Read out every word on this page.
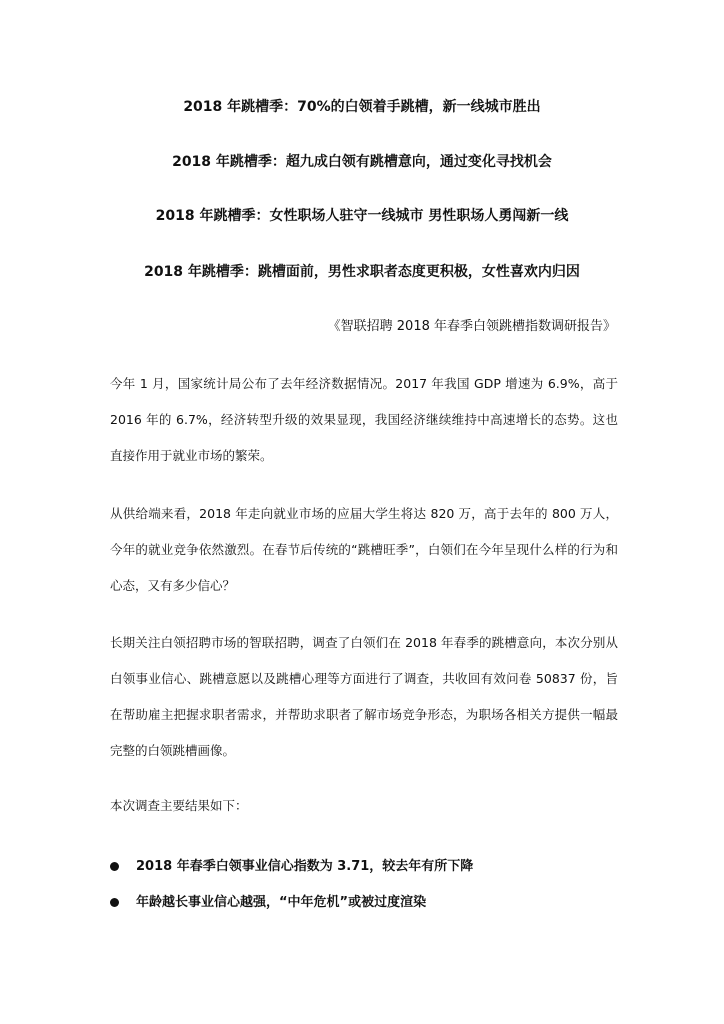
2018 年跳槽季：70%的白领着手跳槽，新一线城市胜出
2018 年跳槽季：超九成白领有跳槽意向，通过变化寻找机会
2018 年跳槽季：女性职场人驻守一线城市 男性职场人勇闯新一线
2018 年跳槽季：跳槽面前，男性求职者态度更积极，女性喜欢内归因
《智联招聘 2018 年春季白领跳槽指数调研报告》
今年 1 月，国家统计局公布了去年经济数据情况。2017 年我国 GDP 增速为 6.9%，高于 2016 年的 6.7%，经济转型升级的效果显现，我国经济继续维持中高速增长的态势。这也直接作用于就业市场的繁荣。
从供给端来看，2018 年走向就业市场的应届大学生将达 820 万，高于去年的 800 万人，今年的就业竞争依然激烈。在春节后传统的“跳槽旺季”，白领们在今年呈现什么样的行为和心态，又有多少信心？
长期关注白领招聘市场的智联招聘，调查了白领们在 2018 年春季的跳槽意向，本次分别从白领事业信心、跳槽意愿以及跳槽心理等方面进行了调查，共收回有效问卷 50837 份，旨在帮助雇主把握求职者需求，并帮助求职者了解市场竞争形态，为职场各相关方提供一幅最完整的白领跳槽画像。
本次调查主要结果如下：
2018 年春季白领事业信心指数为 3.71，较去年有所下降
年龄越长事业信心越强，“中年危机”或被过度渲染
